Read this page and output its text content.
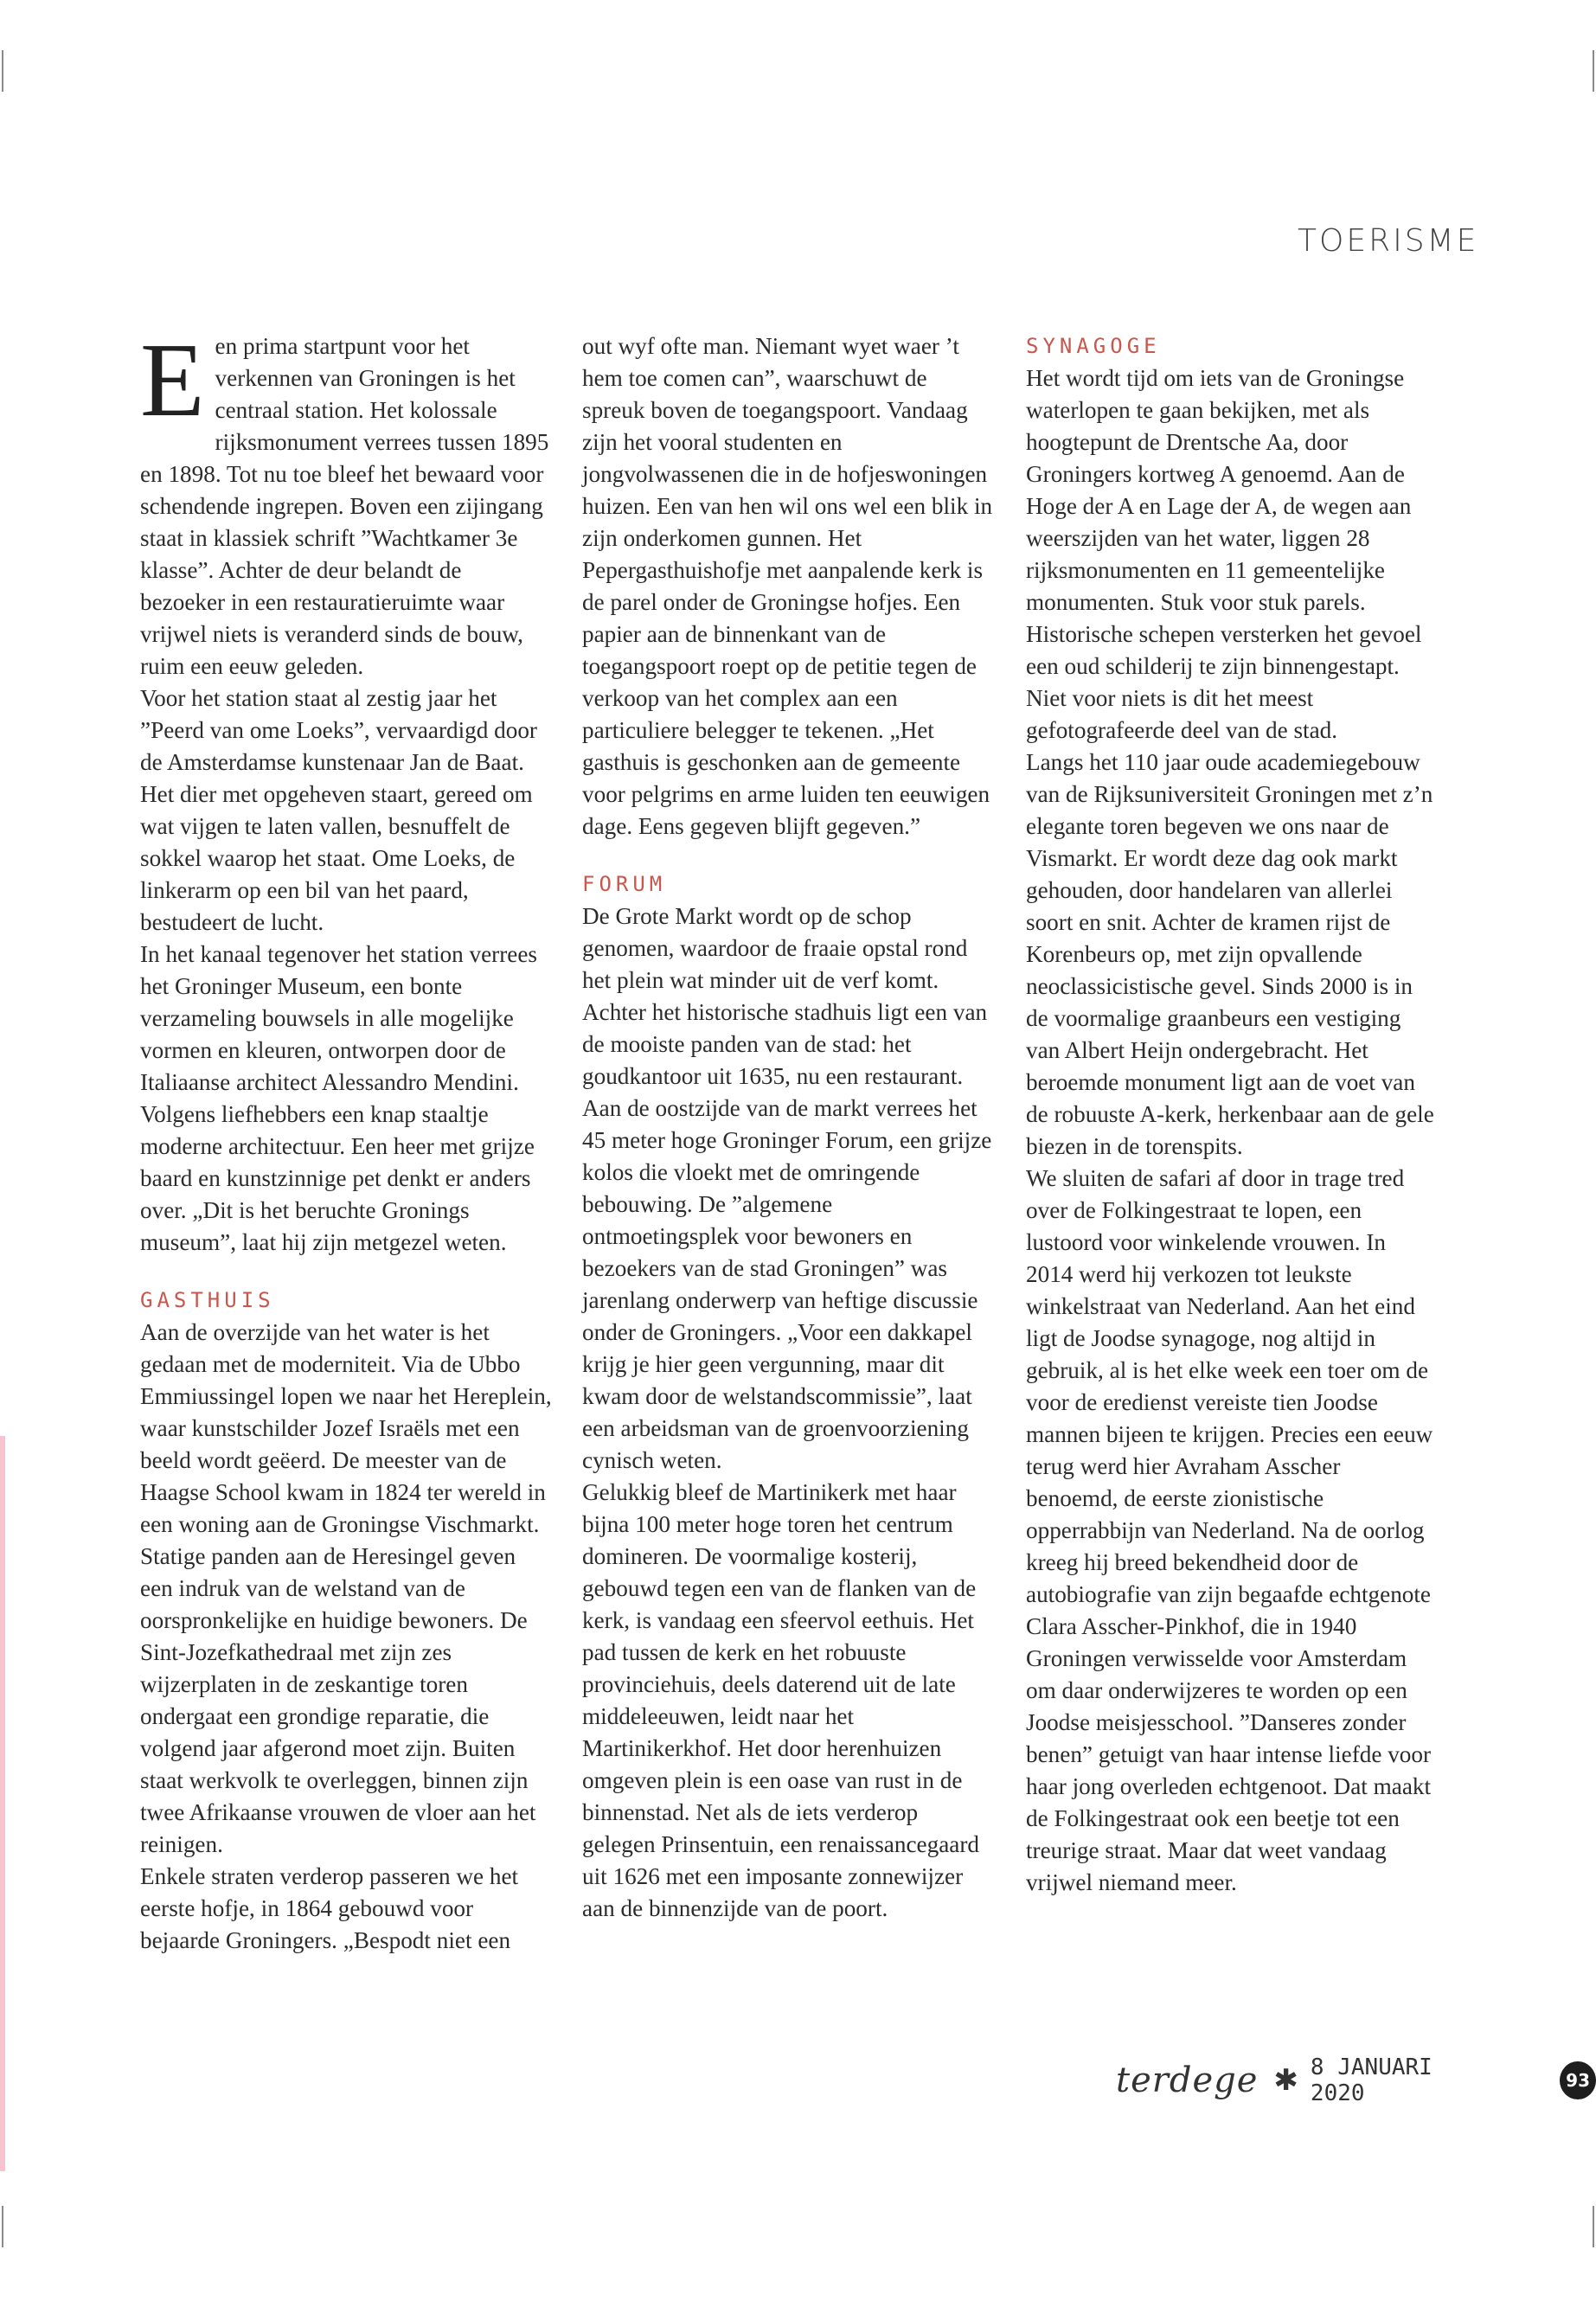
TOERISME

Een prima startpunt voor het verkennen van Groningen is het centraal station. Het kolossale rijksmonument verrees tussen 1895 en 1898. Tot nu toe bleef het bewaard voor schendende ingrepen. Boven een zijingang staat in klassiek schrift ”Wachtkamer 3e klasse”. Achter de deur belandt de bezoeker in een restauratieruimte waar vrijwel niets is veranderd sinds de bouw, ruim een eeuw geleden.

Voor het station staat al zestig jaar het ”Peerd van ome Loeks”, vervaardigd door de Amsterdamse kunstenaar Jan de Baat. Het dier met opgeheven staart, gereed om wat vijgen te laten vallen, besnuffelt de sokkel waarop het staat. Ome Loeks, de linkerarm op een bil van het paard, bestudeert de lucht.

In het kanaal tegenover het station verrees het Groninger Museum, een bonte verzameling bouwsels in alle mogelijke vormen en kleuren, ontworpen door de Italiaanse architect Alessandro Mendini. Volgens liefhebbers een knap staaltje moderne architectuur. Een heer met grijze baard en kunstzinnige pet denkt er anders over. „Dit is het beruchte Gronings museum”, laat hij zijn metgezel weten.

GASTHUIS

Aan de overzijde van het water is het gedaan met de moderniteit. Via de Ubbo Emmiussingel lopen we naar het Hereplein, waar kunstschilder Jozef Israëls met een beeld wordt geëerd. De meester van de Haagse School kwam in 1824 ter wereld in een woning aan de Groningse Vischmarkt. Statige panden aan de Heresingel geven een indruk van de welstand van de oorspronkelijke en huidige bewoners. De Sint-Jozefkathedraal met zijn zes wijzerplaten in de zeskantige toren ondergaat een grondige reparatie, die volgend jaar afgerond moet zijn. Buiten staat werkvolk te overleggen, binnen zijn twee Afrikaanse vrouwen de vloer aan het reinigen.

Enkele straten verderop passeren we het eerste hofje, in 1864 gebouwd voor bejaarde Groningers. „Bespodt niet een

out wyf ofte man. Niemant wyet waer ’t hem toe comen can”, waarschuwt de spreuk boven de toegangspoort. Vandaag zijn het vooral studenten en jongvolwassenen die in de hofjeswoningen huizen. Een van hen wil ons wel een blik in zijn onderkomen gunnen. Het Pepergasthuishofje met aanpalende kerk is de parel onder de Groningse hofjes. Een papier aan de binnenkant van de toegangspoort roept op de petitie tegen de verkoop van het complex aan een particuliere belegger te tekenen. „Het gasthuis is geschonken aan de gemeente voor pelgrims en arme luiden ten eeuwigen dage. Eens gegeven blijft gegeven.”

FORUM

De Grote Markt wordt op de schop genomen, waardoor de fraaie opstal rond het plein wat minder uit de verf komt. Achter het historische stadhuis ligt een van de mooiste panden van de stad: het goudkantoor uit 1635, nu een restaurant. Aan de oostzijde van de markt verrees het 45 meter hoge Groninger Forum, een grijze kolos die vloekt met de omringende bebouwing. De ”algemene ontmoetingsplek voor bewoners en bezoekers van de stad Groningen” was jarenlang onderwerp van heftige discussie onder de Groningers. „Voor een dakkapel krijg je hier geen vergunning, maar dit kwam door de welstandscommissie”, laat een arbeidsman van de groenvoorziening cynisch weten.

Gelukkig bleef de Martinikerk met haar bijna 100 meter hoge toren het centrum domineren. De voormalige kosterij, gebouwd tegen een van de flanken van de kerk, is vandaag een sfeervol eethuis. Het pad tussen de kerk en het robuuste provinciehuis, deels daterend uit de late middeleeuwen, leidt naar het Martinikerkhof. Het door herenhuizen omgeven plein is een oase van rust in de binnenstad. Net als de iets verderop gelegen Prinsentuin, een renaissancegaard uit 1626 met een imposante zonnewijzer aan de binnenzijde van de poort.

SYNAGOGE

Het wordt tijd om iets van de Groningse waterlopen te gaan bekijken, met als hoogtepunt de Drentsche Aa, door Groningers kortweg A genoemd. Aan de Hoge der A en Lage der A, de wegen aan weerszijden van het water, liggen 28 rijksmonumenten en 11 gemeentelijke monumenten. Stuk voor stuk parels. Historische schepen versterken het gevoel een oud schilderij te zijn binnengestapt. Niet voor niets is dit het meest gefotografeerde deel van de stad.

Langs het 110 jaar oude academiegebouw van de Rijksuniversiteit Groningen met z’n elegante toren begeven we ons naar de Vismarkt. Er wordt deze dag ook markt gehouden, door handelaren van allerlei soort en snit. Achter de kramen rijst de Korenbeurs op, met zijn opvallende neoclassicistische gevel. Sinds 2000 is in de voormalige graanbeurs een vestiging van Albert Heijn ondergebracht. Het beroemde monument ligt aan de voet van de robuuste A-kerk, herkenbaar aan de gele biezen in de torenspits.

We sluiten de safari af door in trage tred over de Folkingestraat te lopen, een lustoord voor winkelende vrouwen. In 2014 werd hij verkozen tot leukste winkelstraat van Nederland. Aan het eind ligt de Joodse synagoge, nog altijd in gebruik, al is het elke week een toer om de voor de eredienst vereiste tien Joodse mannen bijeen te krijgen. Precies een eeuw terug werd hier Avraham Asscher benoemd, de eerste zionistische opperrabbijn van Nederland. Na de oorlog kreeg hij breed bekendheid door de autobiografie van zijn begaafde echtgenote Clara Asscher-Pinkhof, die in 1940 Groningen verwisselde voor Amsterdam om daar onderwijzeres te worden op een Joodse meisjesschool. ”Danseres zonder benen” getuigt van haar intense liefde voor haar jong overleden echtgenoot. Dat maakt de Folkingestraat ook een beetje tot een treurige straat. Maar dat weet vandaag vrijwel niemand meer.

terdege ✱ 8 JANUARI 2020	93
